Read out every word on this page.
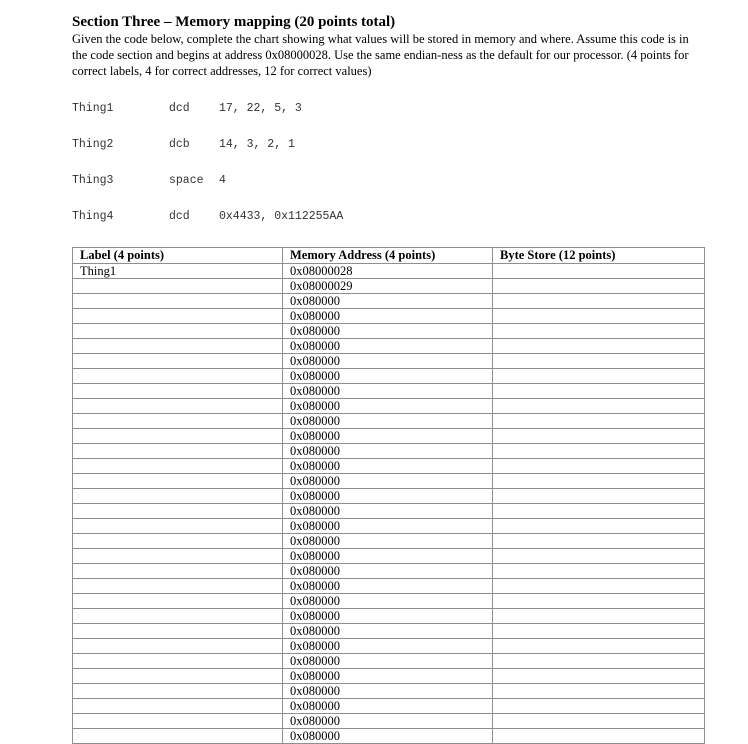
Section Three – Memory mapping (20 points total)

Given the code below, complete the chart showing what values will be stored in memory and where. Assume this code is in the code section and begins at address 0x08000028. Use the same endian-ness as the default for our processor. (4 points for correct labels, 4 for correct addresses, 12 for correct values)

Thing1	dcd	17, 22, 5, 3

Thing2	dcb	14, 3, 2, 1

Thing3	space 4

Thing4	dcd	0x4433, 0x112255AA

Label (4 points)	Memory Address (4 points)	Byte Store (12 points)
Thing1	0x08000028	
	0x08000029	
	0x080000	
	0x080000	
	0x080000	
	0x080000	
	0x080000	
	0x080000	
	0x080000	
	0x080000	
	0x080000	
	0x080000	
	0x080000	
	0x080000	
	0x080000	
	0x080000	
	0x080000	
	0x080000	
	0x080000	
	0x080000	
	0x080000	
	0x080000	
	0x080000	
	0x080000	
	0x080000	
	0x080000	
	0x080000	
	0x080000	
	0x080000	
	0x080000	
	0x080000	
	0x080000	
